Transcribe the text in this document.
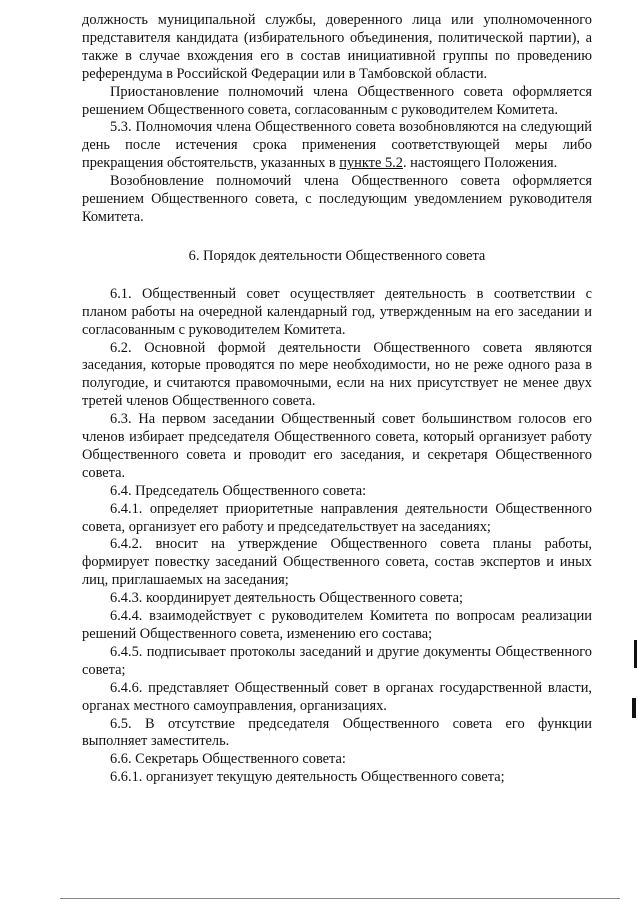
должность муниципальной службы, доверенного лица или уполномоченного представителя кандидата (избирательного объединения, политической партии), а также в случае вхождения его в состав инициативной группы по проведению референдума в Российской Федерации или в Тамбовской области.

Приостановление полномочий члена Общественного совета оформляется решением Общественного совета, согласованным с руководителем Комитета.

5.3. Полномочия члена Общественного совета возобновляются на следующий день после истечения срока применения соответствующей меры либо прекращения обстоятельств, указанных в пункте 5.2. настоящего Положения.

Возобновление полномочий члена Общественного совета оформляется решением Общественного совета, с последующим уведомлением руководителя Комитета.

6. Порядок деятельности Общественного совета

6.1. Общественный совет осуществляет деятельность в соответствии с планом работы на очередной календарный год, утвержденным на его заседании и согласованным с руководителем Комитета.

6.2. Основной формой деятельности Общественного совета являются заседания, которые проводятся по мере необходимости, но не реже одного раза в полугодие, и считаются правомочными, если на них присутствует не менее двух третей членов Общественного совета.

6.3. На первом заседании Общественный совет большинством голосов его членов избирает председателя Общественного совета, который организует работу Общественного совета и проводит его заседания, и секретаря Общественного совета.

6.4. Председатель Общественного совета:

6.4.1. определяет приоритетные направления деятельности Общественного совета, организует его работу и председательствует на заседаниях;

6.4.2. вносит на утверждение Общественного совета планы работы, формирует повестку заседаний Общественного совета, состав экспертов и иных лиц, приглашаемых на заседания;

6.4.3. координирует деятельность Общественного совета;

6.4.4. взаимодействует с руководителем Комитета по вопросам реализации решений Общественного совета, изменению его состава;

6.4.5. подписывает протоколы заседаний и другие документы Общественного совета;

6.4.6. представляет Общественный совет в органах государственной власти, органах местного самоуправления, организациях.

6.5. В отсутствие председателя Общественного совета его функции выполняет заместитель.

6.6. Секретарь Общественного совета:

6.6.1. организует текущую деятельность Общественного совета;
